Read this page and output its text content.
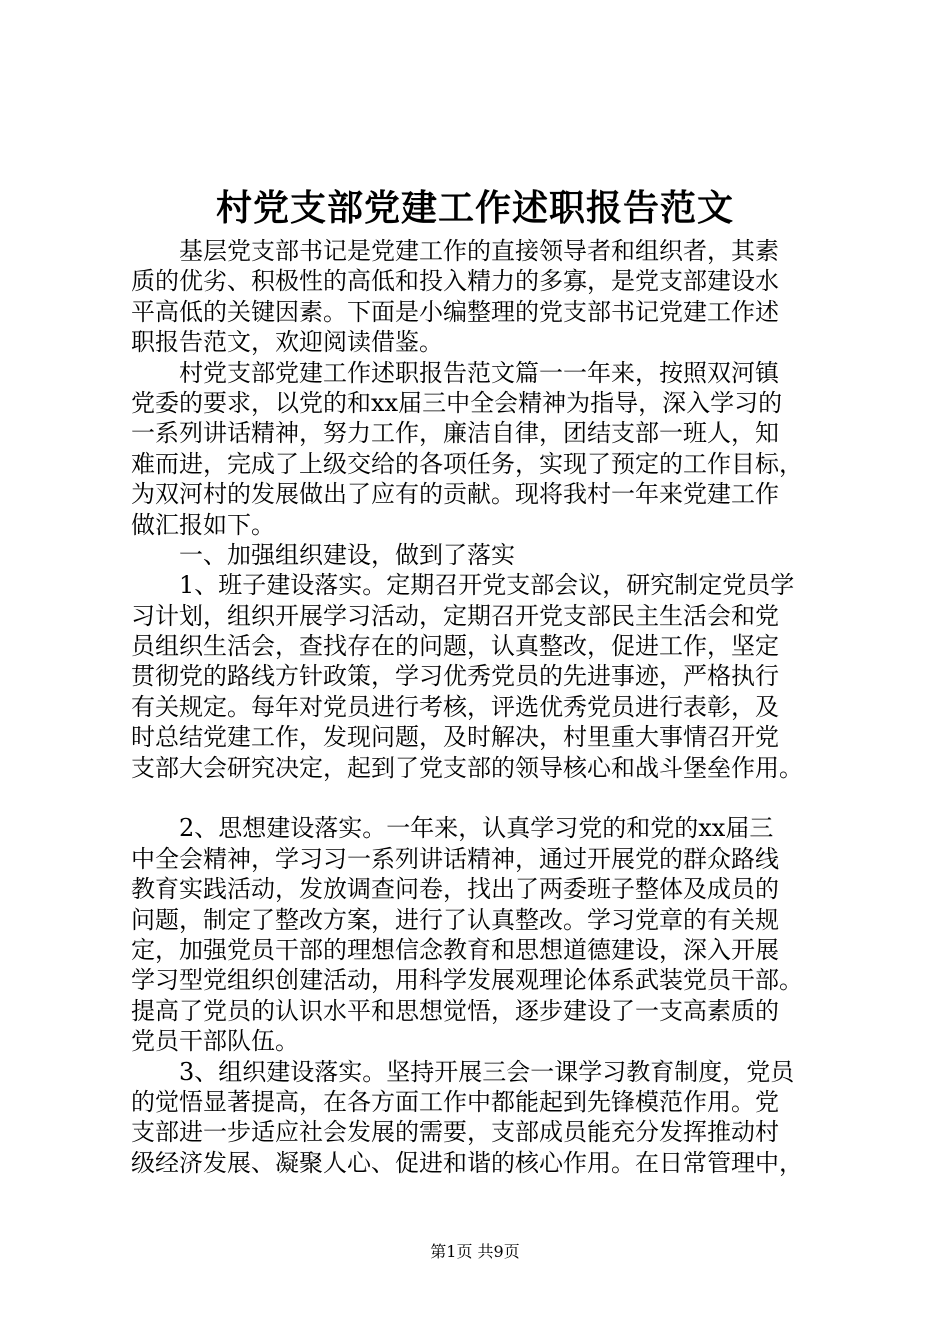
村党支部党建工作述职报告范文
　　基层党支部书记是党建工作的直接领导者和组织者，其素
质的优劣、积极性的高低和投入精力的多寡，是党支部建设水
平高低的关键因素。下面是小编整理的党支部书记党建工作述
职报告范文，欢迎阅读借鉴。
　　村党支部党建工作述职报告范文篇一一年来，按照双河镇
党委的要求，以党的和xx届三中全会精神为指导，深入学习的
一系列讲话精神，努力工作，廉洁自律，团结支部一班人，知
难而进，完成了上级交给的各项任务，实现了预定的工作目标，
为双河村的发展做出了应有的贡献。现将我村一年来党建工作
做汇报如下。
　　一、加强组织建设，做到了落实
　　1、班子建设落实。定期召开党支部会议，研究制定党员学
习计划，组织开展学习活动，定期召开党支部民主生活会和党
员组织生活会，查找存在的问题，认真整改，促进工作，坚定
贯彻党的路线方针政策，学习优秀党员的先进事迹，严格执行
有关规定。每年对党员进行考核，评选优秀党员进行表彰，及
时总结党建工作，发现问题，及时解决，村里重大事情召开党
支部大会研究决定，起到了党支部的领导核心和战斗堡垒作用。
　　2、思想建设落实。一年来，认真学习党的和党的xx届三
中全会精神，学习习一系列讲话精神，通过开展党的群众路线
教育实践活动，发放调查问卷，找出了两委班子整体及成员的
问题，制定了整改方案，进行了认真整改。学习党章的有关规
定，加强党员干部的理想信念教育和思想道德建设，深入开展
学习型党组织创建活动，用科学发展观理论体系武装党员干部。
提高了党员的认识水平和思想觉悟，逐步建设了一支高素质的
党员干部队伍。
　　3、组织建设落实。坚持开展三会一课学习教育制度，党员
的觉悟显著提高，在各方面工作中都能起到先锋模范作用。党
支部进一步适应社会发展的需要，支部成员能充分发挥推动村
级经济发展、凝聚人心、促进和谐的核心作用。在日常管理中，
第1页 共9页
